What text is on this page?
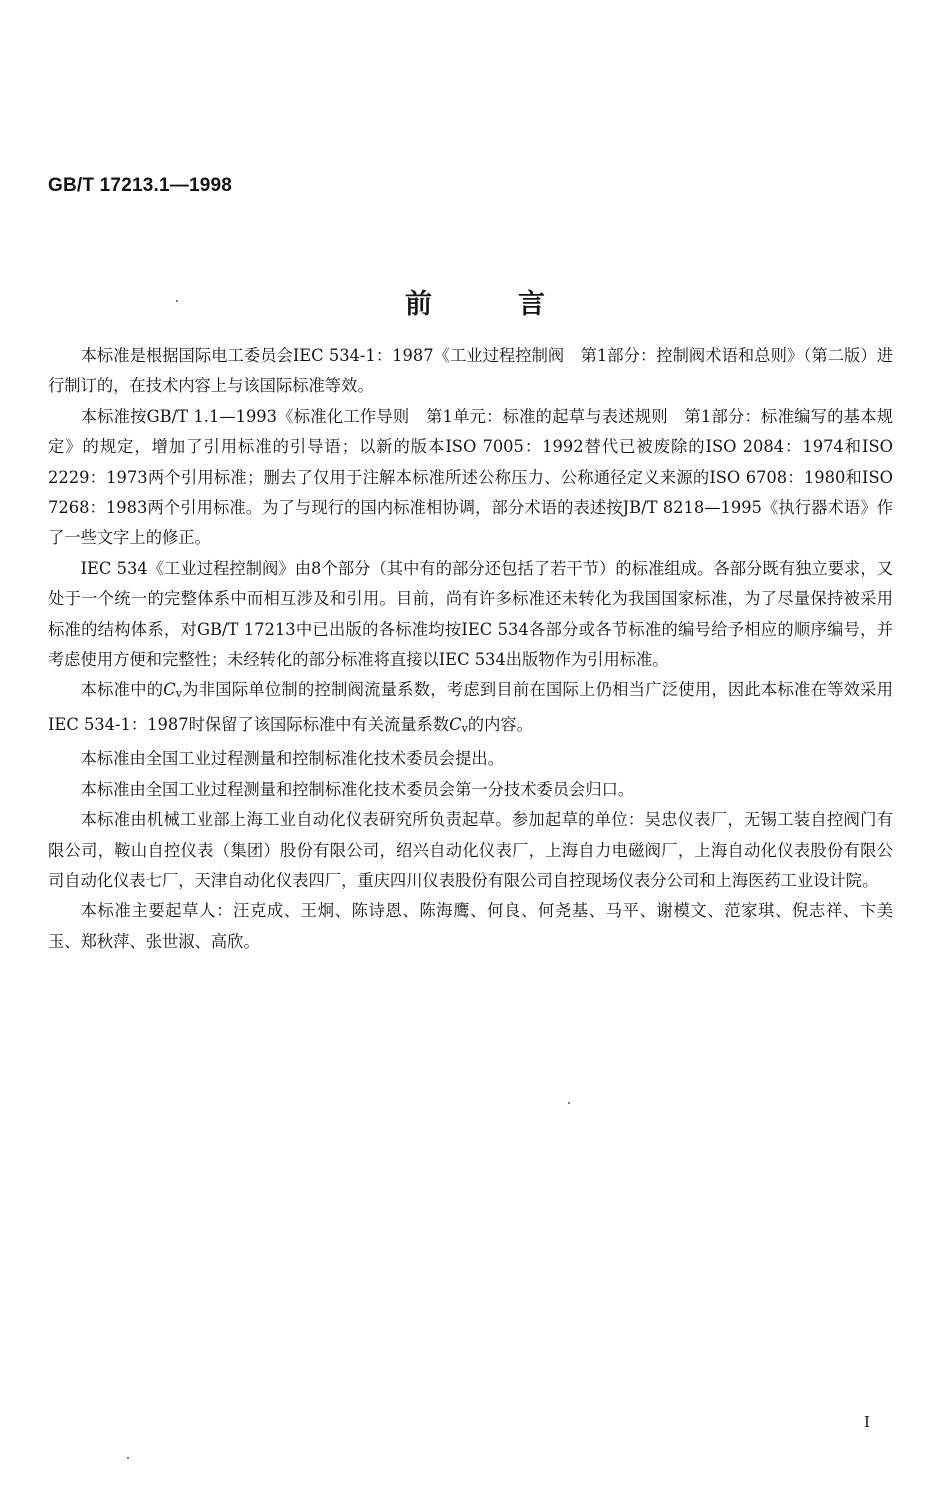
GB/T 17213.1—1998
前言

本标准是根据国际电工委员会IEC 534-1：1987《工业过程控制阀　第1部分：控制阀术语和总则》（第二版）进行制订的，在技术内容上与该国际标准等效。

本标准按GB/T 1.1—1993《标准化工作导则　第1单元：标准的起草与表述规则　第1部分：标准编写的基本规定》的规定，增加了引用标准的引导语；以新的版本ISO 7005：1992替代已被废除的ISO 2084：1974和ISO 2229：1973两个引用标准；删去了仅用于注解本标准所述公称压力、公称通径定义来源的ISO 6708：1980和ISO 7268：1983两个引用标准。为了与现行的国内标准相协调，部分术语的表述按JB/T 8218—1995《执行器术语》作了一些文字上的修正。

IEC 534《工业过程控制阀》由8个部分（其中有的部分还包括了若干节）的标准组成。各部分既有独立要求，又处于一个统一的完整体系中而相互涉及和引用。目前，尚有许多标准还未转化为我国国家标准，为了尽量保持被采用标准的结构体系，对GB/T 17213中已出版的各标准均按IEC 534各部分或各节标准的编号给予相应的顺序编号，并考虑使用方便和完整性；未经转化的部分标准将直接以IEC 534出版物作为引用标准。

本标准中的Cv为非国际单位制的控制阀流量系数，考虑到目前在国际上仍相当广泛使用，因此本标准在等效采用IEC 534-1：1987时保留了该国际标准中有关流量系数Cv的内容。

本标准由全国工业过程测量和控制标准化技术委员会提出。

本标准由全国工业过程测量和控制标准化技术委员会第一分技术委员会归口。

本标准由机械工业部上海工业自动化仪表研究所负责起草。参加起草的单位：吴忠仪表厂，无锡工装自控阀门有限公司，鞍山自控仪表（集团）股份有限公司，绍兴自动化仪表厂，上海自力电磁阀厂，上海自动化仪表股份有限公司自动化仪表七厂，天津自动化仪表四厂，重庆四川仪表股份有限公司自控现场仪表分公司和上海医药工业设计院。

本标准主要起草人：汪克成、王炯、陈诗恩、陈海鹰、何良、何尧基、马平、谢模文、范家琪、倪志祥、卞美玉、郑秋萍、张世淑、高欣。

I
